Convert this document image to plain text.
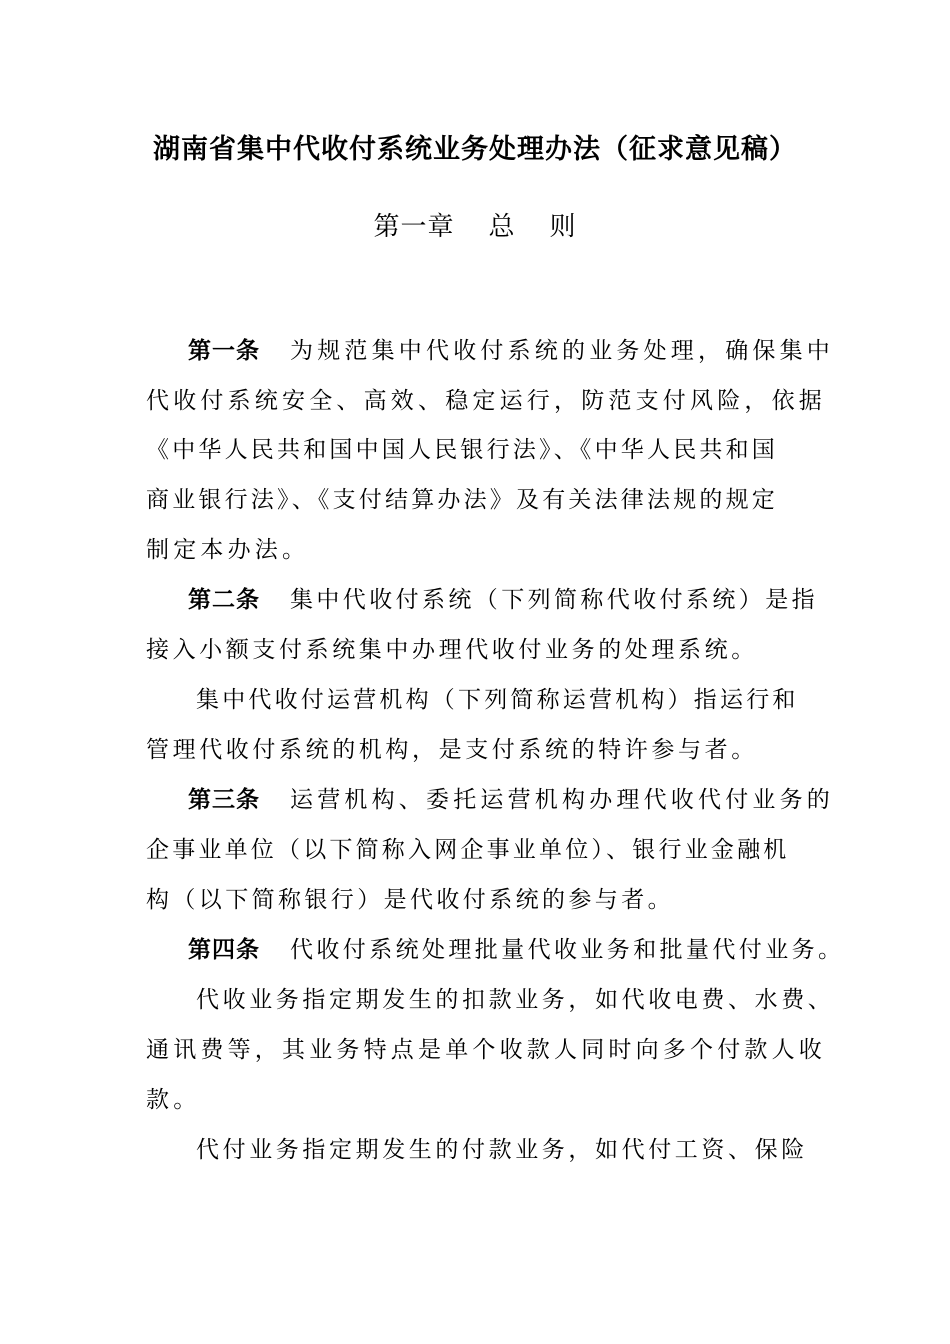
湖南省集中代收付系统业务处理办法（征求意见稿）
第一章 总 则
第一条 为规范集中代收付系统的业务处理，确保集中
代收付系统安全、高效、稳定运行，防范支付风险，依据
《中华人民共和国中国人民银行法》、《中华人民共和国
商业银行法》、《支付结算办法》及有关法律法规的规定
制定本办法。
第二条 集中代收付系统（下列简称代收付系统）是指
接入小额支付系统集中办理代收付业务的处理系统。
集中代收付运营机构（下列简称运营机构）指运行和
管理代收付系统的机构，是支付系统的特许参与者。
第三条 运营机构、委托运营机构办理代收代付业务的
企事业单位（以下简称入网企事业单位）、银行业金融机
构（以下简称银行）是代收付系统的参与者。
第四条 代收付系统处理批量代收业务和批量代付业务。
代收业务指定期发生的扣款业务，如代收电费、水费、
通讯费等，其业务特点是单个收款人同时向多个付款人收
款。
代付业务指定期发生的付款业务，如代付工资、保险
